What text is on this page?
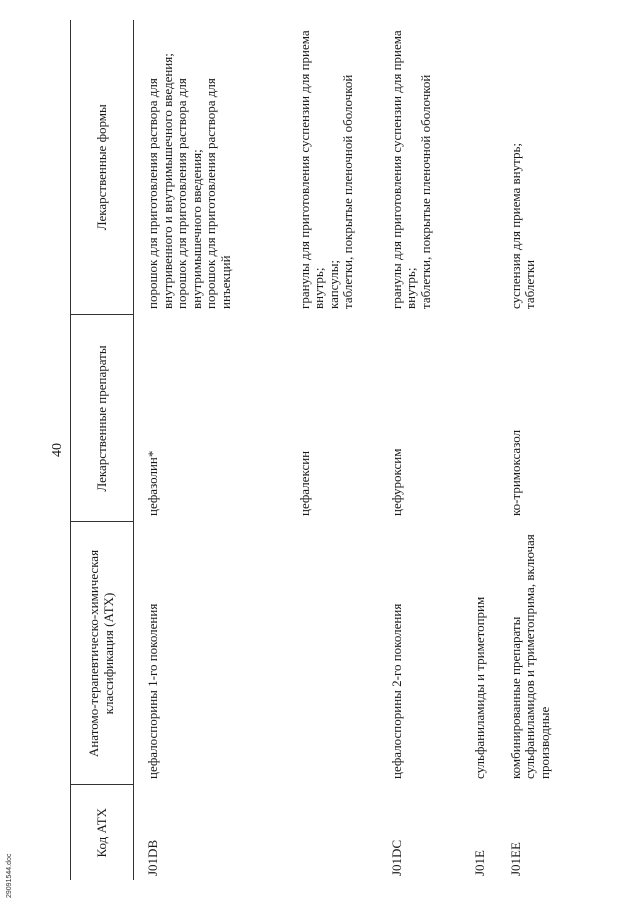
40
Код АТХ	Анатомо-терапевтическо-химическая классификация (АТХ)	Лекарственные препараты	Лекарственные формы
J01DB	цефалоспорины 1-го поколения	цефазолин*	порошок для приготовления раствора для внутривенного и внутримышечного введения; порошок для приготовления раствора для внутримышечного введения; порошок для приготовления раствора для инъекций

		цефалексин	гранулы для приготовления суспензии для приема внутрь; капсулы; таблетки, покрытые пленочной оболочкой

J01DC	цефалоспорины 2-го поколения	цефуроксим	гранулы для приготовления суспензии для приема внутрь; таблетки, покрытые пленочной оболочкой

J01E	сульфаниламиды и триметоприм		
J01EE	комбинированные препараты сульфаниламидов и триметоприма, включая производные	ко-тримоксазол	суспензия для приема внутрь; таблетки
29091544.doc
